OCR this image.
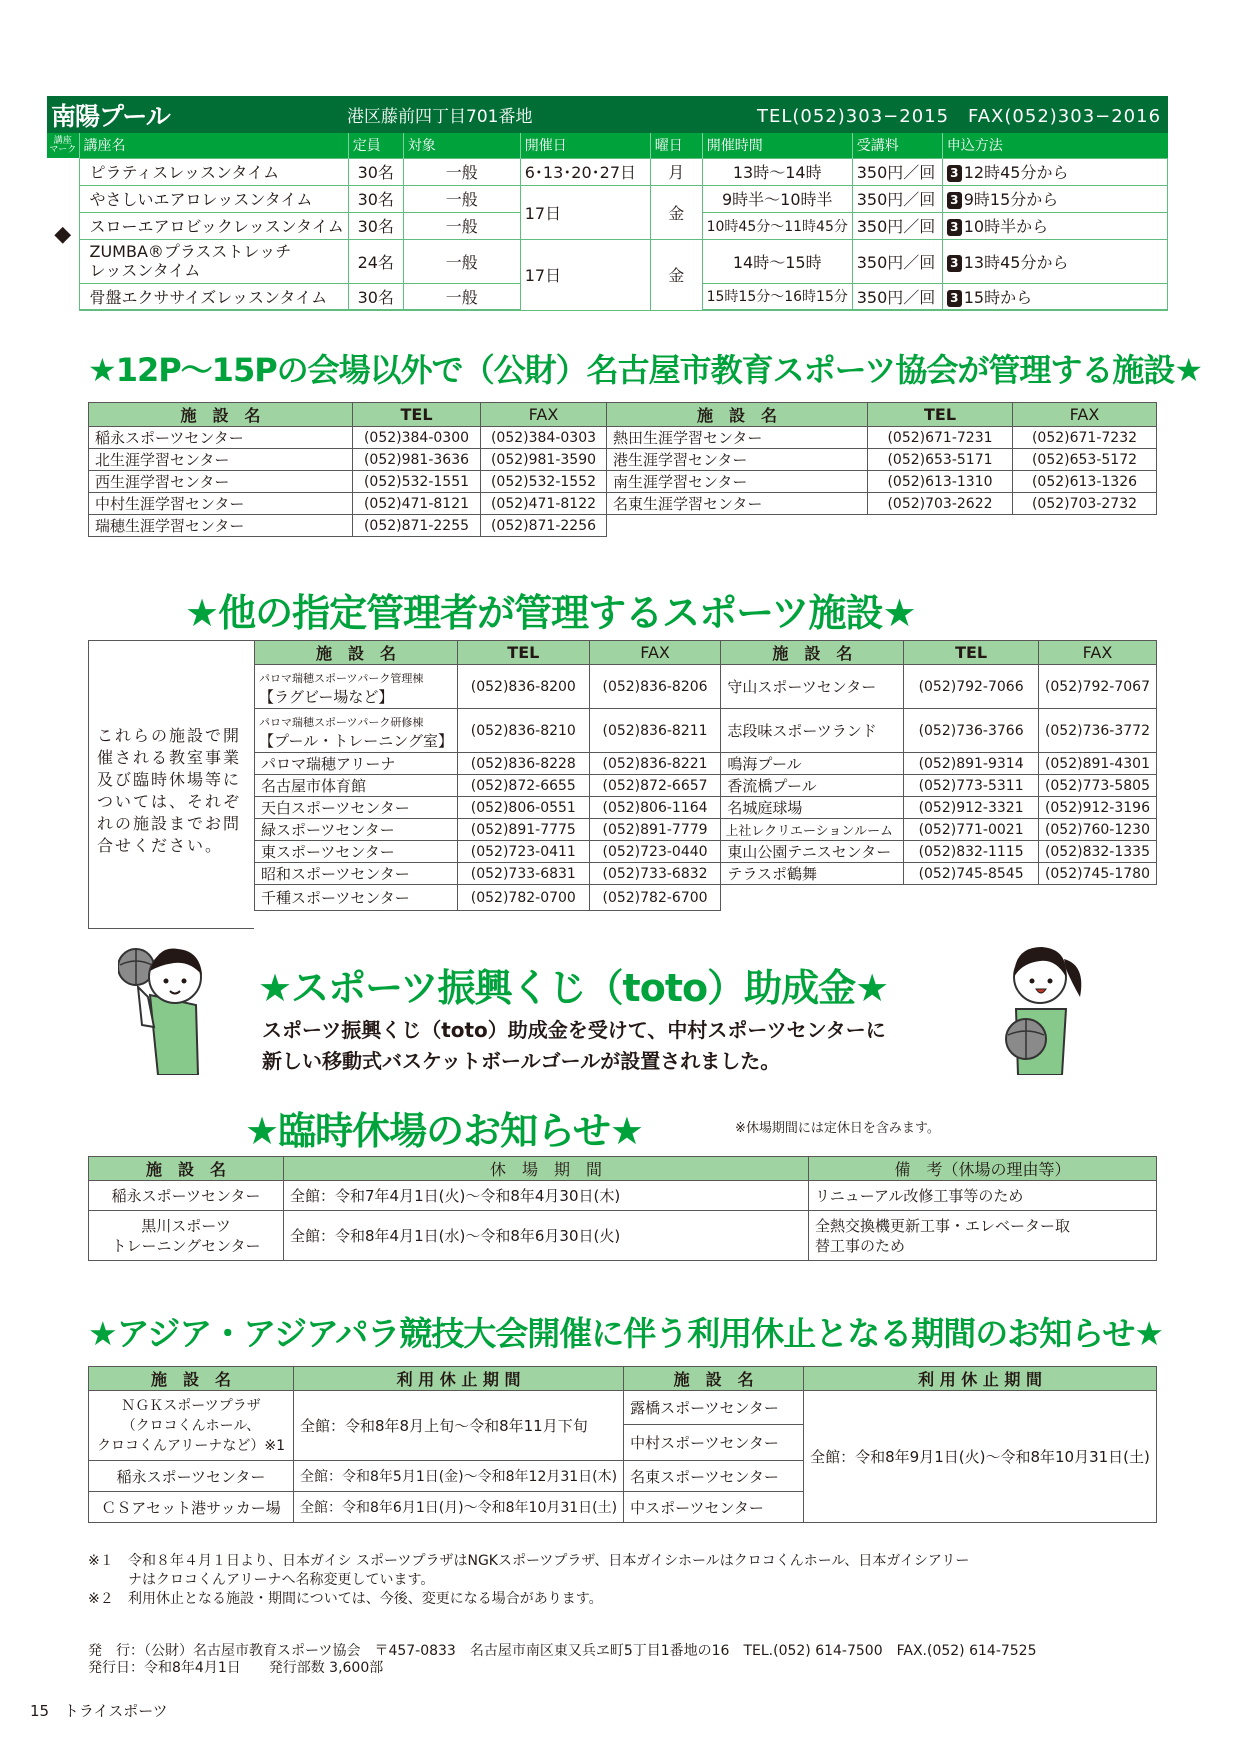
南陽プール	港区藤前四丁目701番地	TEL(052)303−2015　FAX(052)303−2016
講座
マーク	講座名	定員	対象	開催日	曜日	開催時間	受講料	申込方法
◆	ピラティスレッスンタイム	30名	一般	6･13･20･27日	月	13時～14時	350円／回	3 12時45分から
	やさしいエアロレッスンタイム	30名	一般	17日	金	9時半～10時半	350円／回	3 9時15分から
	スローエアロビックレッスンタイム	30名	一般			10時45分～11時45分	350円／回	3 10時半から
	ZUMBA®プラスストレッチ
レッスンタイム	24名	一般	17日	金	14時～15時	350円／回	3 13時45分から
	骨盤エクササイズレッスンタイム	30名	一般			15時15分～16時15分	350円／回	3 15時から
★12P～15Pの会場以外で（公財）名古屋市教育スポーツ協会が管理する施設★
施　設　名	TEL	FAX	施　設　名	TEL	FAX
稲永スポーツセンター	(052)384-0300	(052)384-0303	熱田生涯学習センター	(052)671-7231	(052)671-7232
北生涯学習センター	(052)981-3636	(052)981-3590	港生涯学習センター	(052)653-5171	(052)653-5172
西生涯学習センター	(052)532-1551	(052)532-1552	南生涯学習センター	(052)613-1310	(052)613-1326
中村生涯学習センター	(052)471-8121	(052)471-8122	名東生涯学習センター	(052)703-2622	(052)703-2732
瑞穂生涯学習センター	(052)871-2255	(052)871-2256			
★他の指定管理者が管理するスポーツ施設★
これらの施設で開催される教室事業及び臨時休場等については、それぞれの施設までお問合せください。
施　設　名	TEL	FAX	施　設　名	TEL	FAX
パロマ瑞穂スポーツパーク管理棟
【ラグビー場など】	(052)836-8200	(052)836-8206	守山スポーツセンター	(052)792-7066	(052)792-7067
パロマ瑞穂スポーツパーク研修棟
【プール・トレーニング室】	(052)836-8210	(052)836-8211	志段味スポーツランド	(052)736-3766	(052)736-3772
パロマ瑞穂アリーナ	(052)836-8228	(052)836-8221	鳴海プール	(052)891-9314	(052)891-4301
名古屋市体育館	(052)872-6655	(052)872-6657	香流橋プール	(052)773-5311	(052)773-5805
天白スポーツセンター	(052)806-0551	(052)806-1164	名城庭球場	(052)912-3321	(052)912-3196
緑スポーツセンター	(052)891-7775	(052)891-7779	上社レクリエーションルーム	(052)771-0021	(052)760-1230
東スポーツセンター	(052)723-0411	(052)723-0440	東山公園テニスセンター	(052)832-1115	(052)832-1335
昭和スポーツセンター	(052)733-6831	(052)733-6832	テラスポ鶴舞	(052)745-8545	(052)745-1780
千種スポーツセンター	(052)782-0700	(052)782-6700			
★スポーツ振興くじ（toto）助成金★
スポーツ振興くじ（toto）助成金を受けて、中村スポーツセンターに
新しい移動式バスケットボールゴールが設置されました。
★臨時休場のお知らせ★	※休場期間には定休日を含みます。
施　設　名	休　場　期　間	備　考（休場の理由等）
稲永スポーツセンター	全館：令和7年4月1日(火)～令和8年4月30日(木)	リニューアル改修工事等のため
黒川スポーツ
トレーニングセンター	全館：令和8年4月1日(水)～令和8年6月30日(火)	全熱交換機更新工事・エレベーター取
替工事のため
★アジア・アジアパラ競技大会開催に伴う利用休止となる期間のお知らせ★
施　設　名	利 用 休 止 期 間	施　設　名	利 用 休 止 期 間
ＮＧＫスポーツプラザ
（クロコくんホール、
クロコくんアリーナなど）※1	全館：令和8年8月上旬～令和8年11月下旬	露橋スポーツセンター	全館：令和8年9月1日(火)～令和8年10月31日(土)
		中村スポーツセンター	
稲永スポーツセンター	全館：令和8年5月1日(金)～令和8年12月31日(木)	名東スポーツセンター	
ＣＳアセット港サッカー場	全館：令和8年6月1日(月)～令和8年10月31日(土)	中スポーツセンター	
※１	令和８年４月１日より、日本ガイシ スポーツプラザはNGKスポーツプラザ、日本ガイシホールはクロコくんホール、日本ガイシアリー
ナはクロコくんアリーナへ名称変更しています。
※２	利用休止となる施設・期間については、今後、変更になる場合があります。
発　行：（公財）名古屋市教育スポーツ協会　〒457-0833　名古屋市南区東又兵ヱ町5丁目1番地の16　TEL.(052) 614-7500　FAX.(052) 614-7525
発行日：令和8年4月1日　　発行部数 3,600部
15 トライスポーツ
